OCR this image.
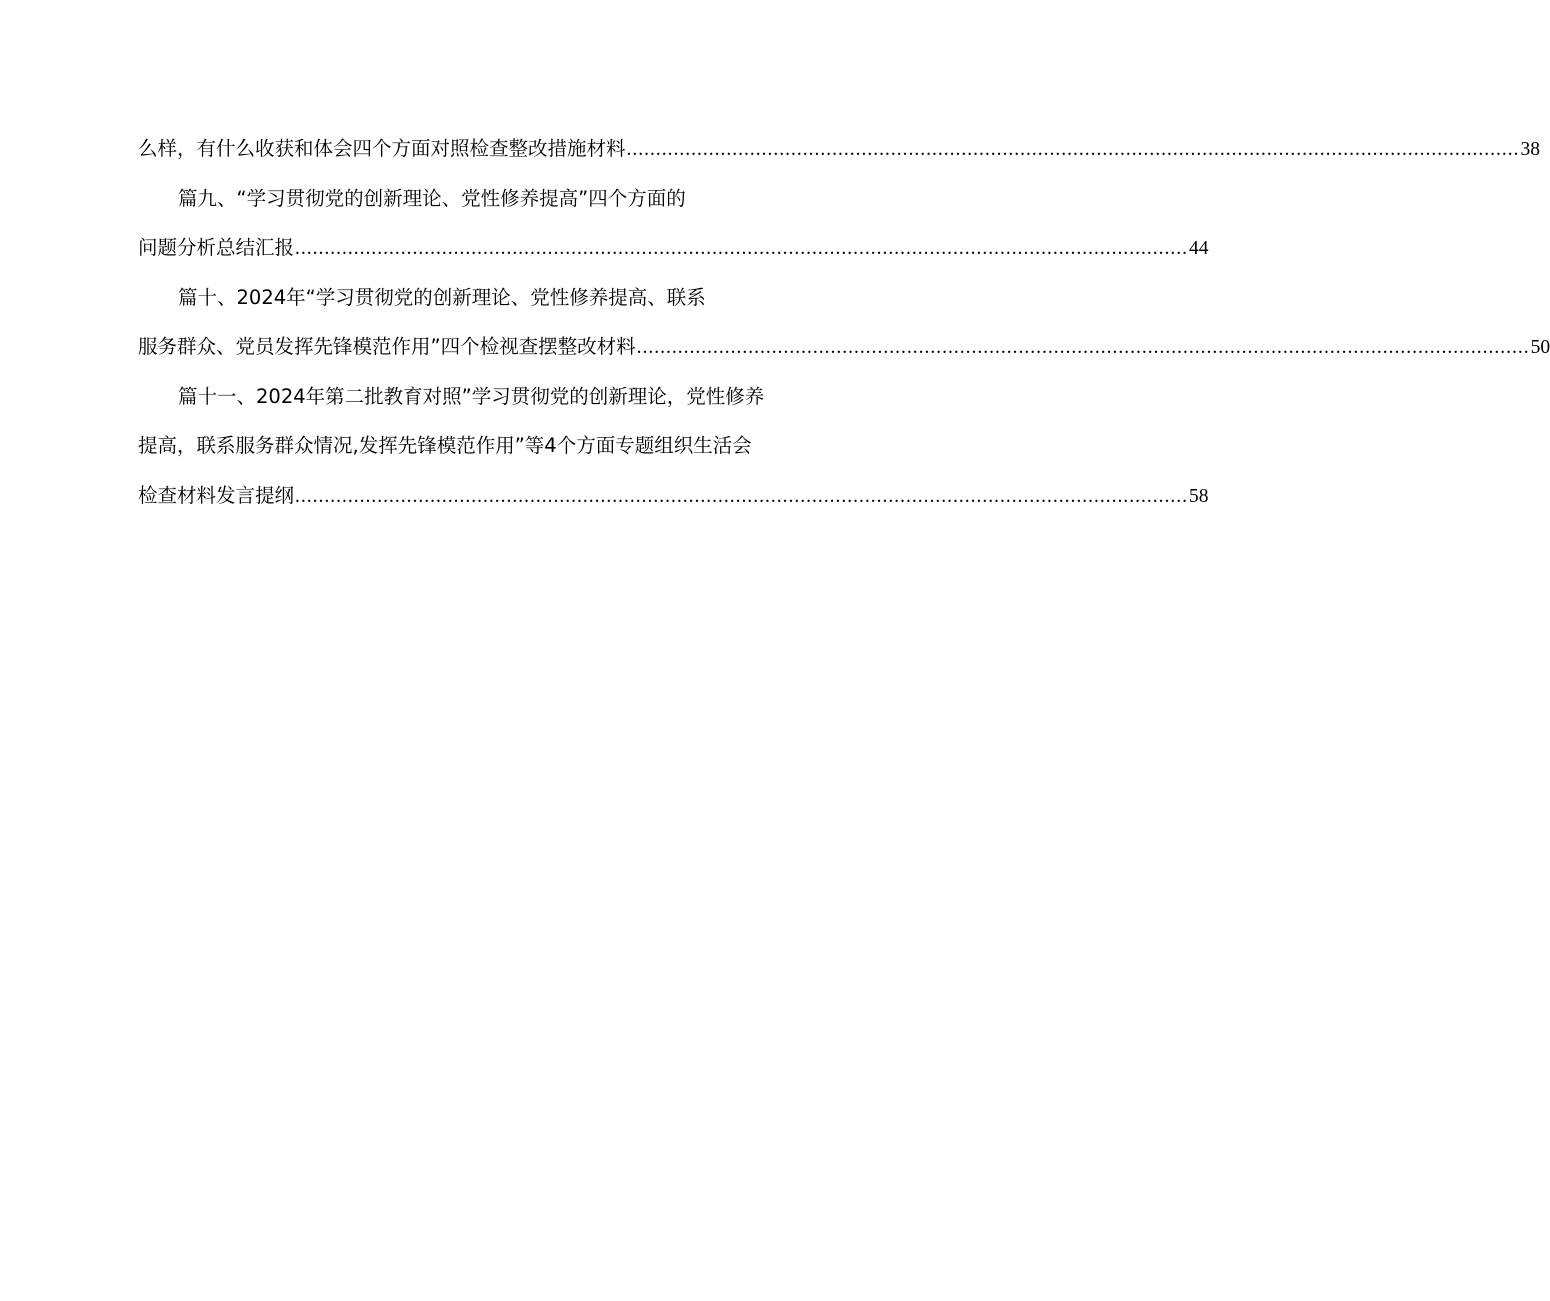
么样，有什么收获和体会四个方面对照检查整改措施材料 ........................................................................................................................................................ 38
篇九、“学习贯彻党的创新理论、党性修养提高”四个方面的
问题分析总结汇报 ........................................................................................................................................................ 44
篇十、2024年“学习贯彻党的创新理论、党性修养提高、联系
服务群众、党员发挥先锋模范作用”四个检视查摆整改材料 ........................................................................................................................................................ 50
篇十一、2024年第二批教育对照”学习贯彻党的创新理论，党性修养
提高，联系服务群众情况,发挥先锋模范作用”等4个方面专题组织生活会
检查材料发言提纲 ........................................................................................................................................................ 58
